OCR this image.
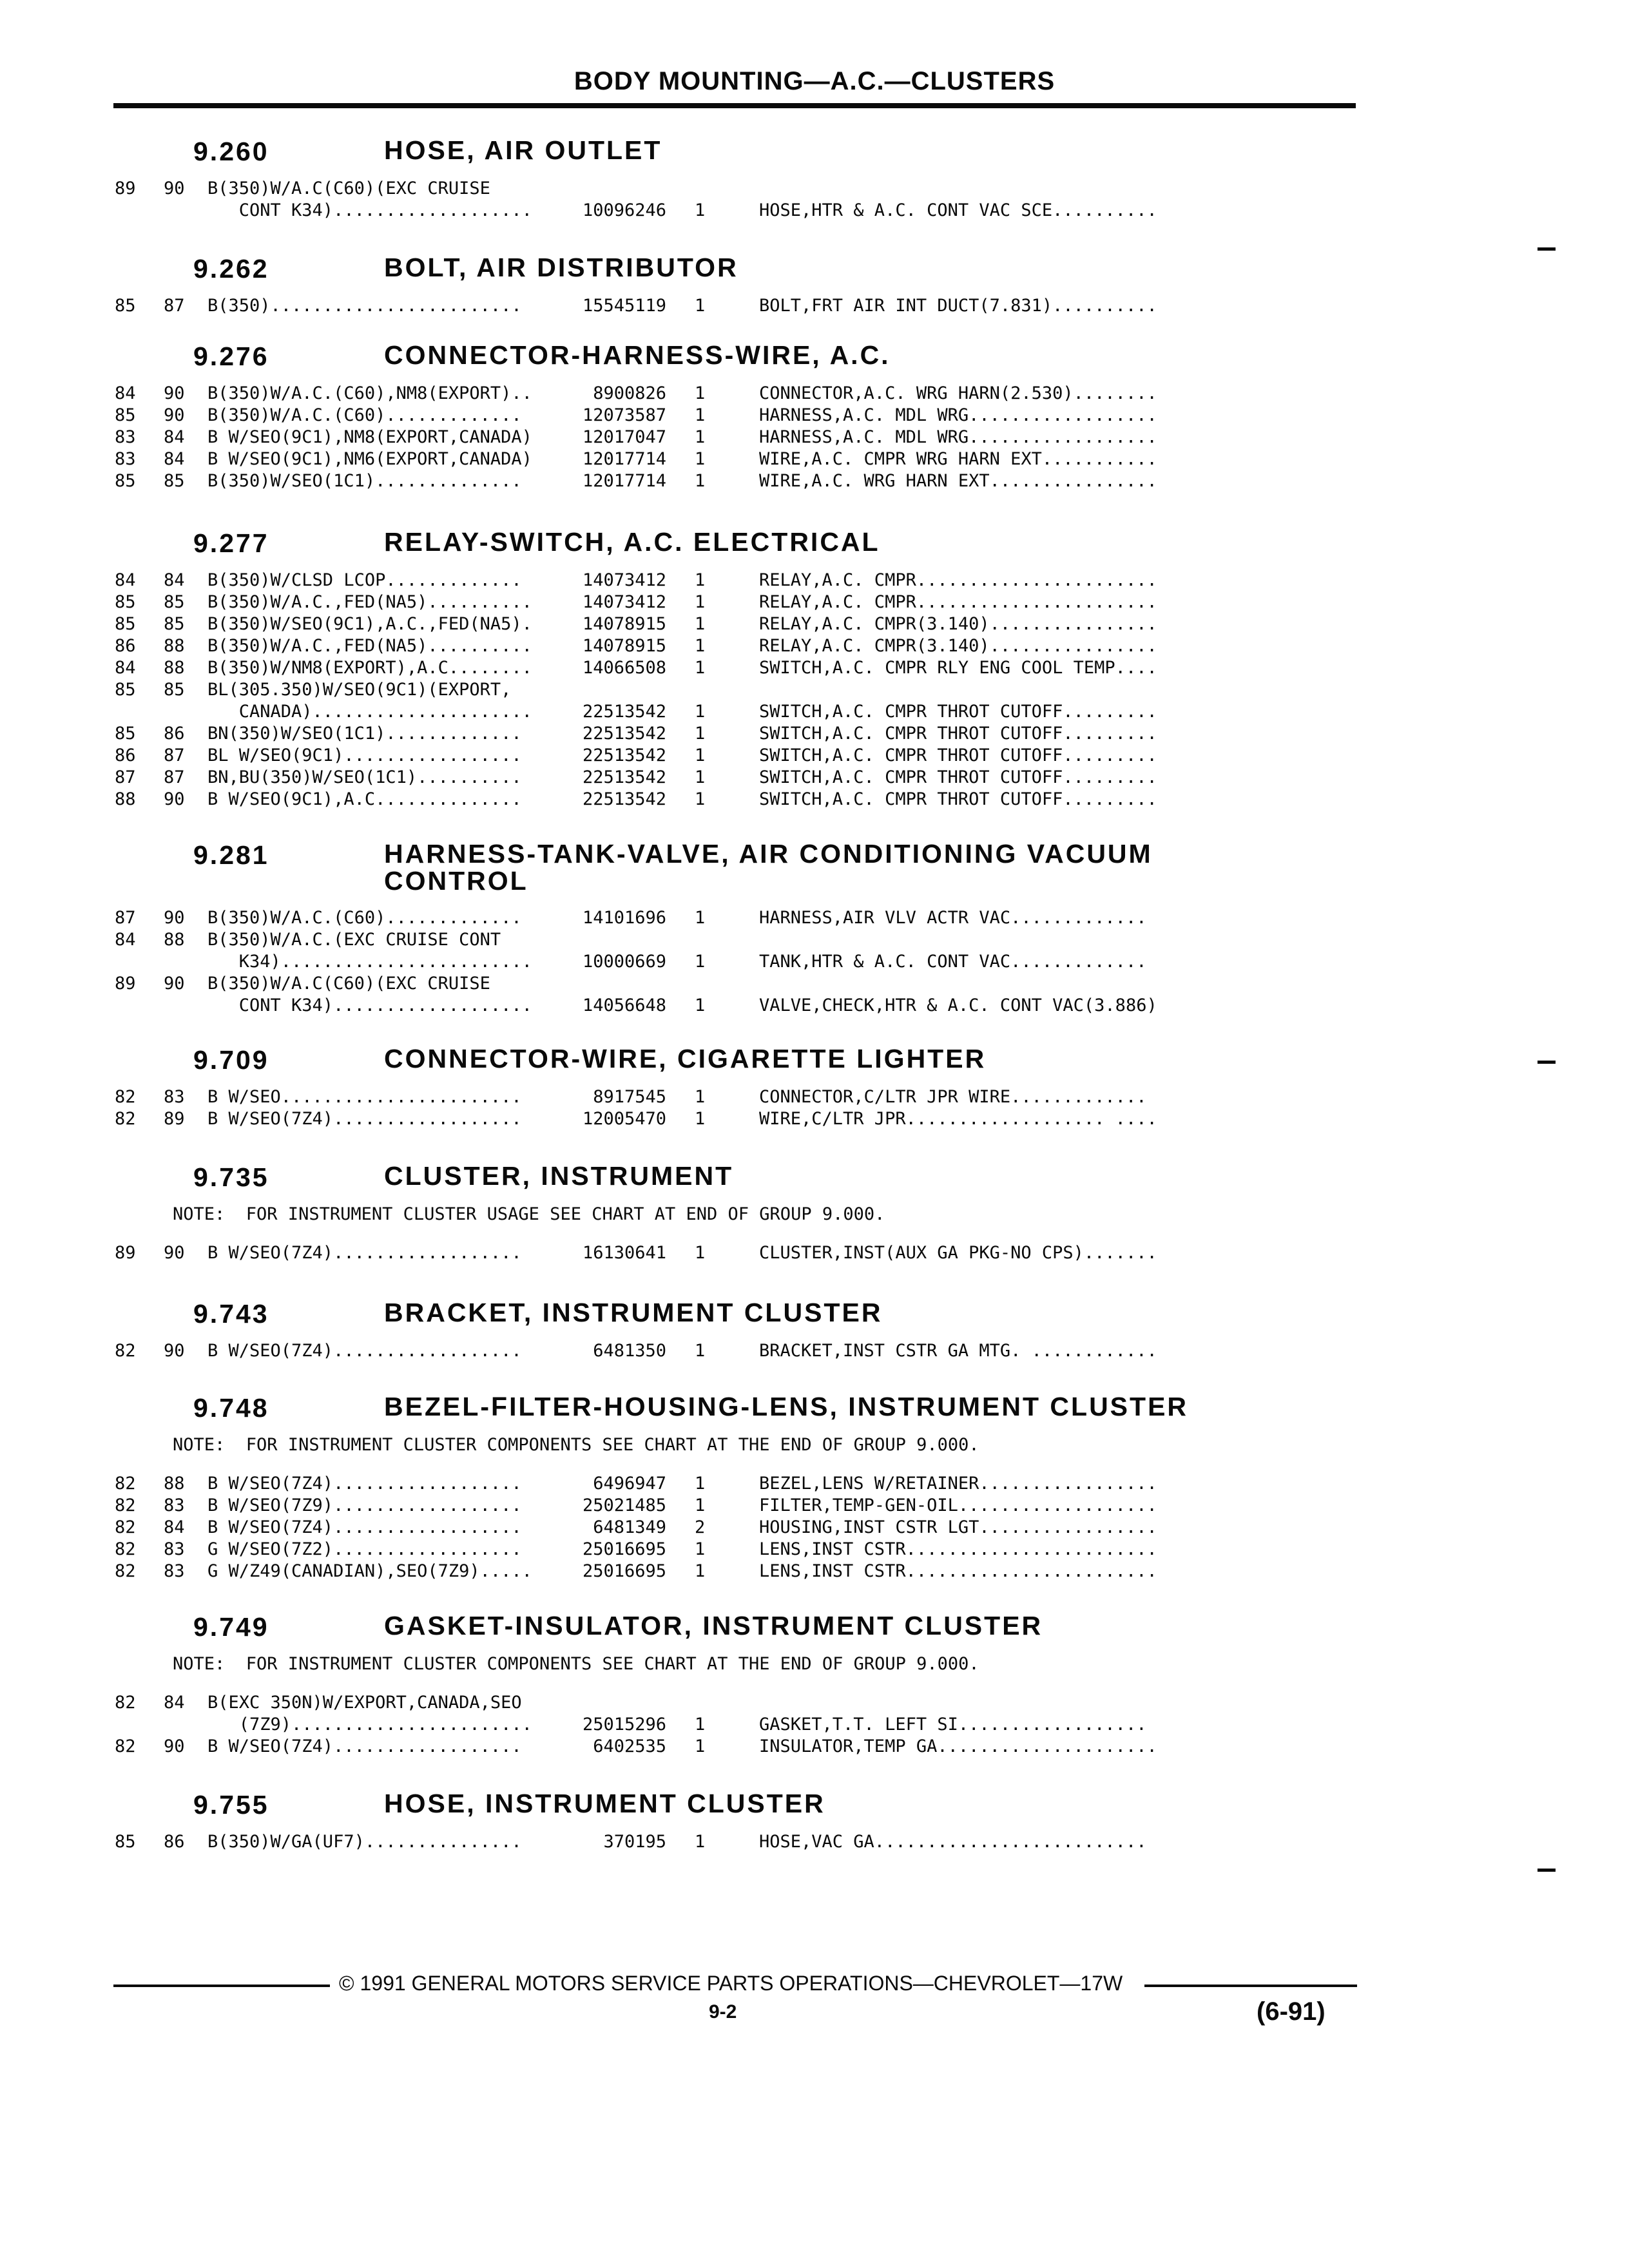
BODY MOUNTING—A.C.—CLUSTERS
9.260	HOSE, AIR OUTLET
89 90 B(350)W/A.C(C60)(EXC CRUISE
CONT K34)...................	10096246 1	HOSE,HTR & A.C. CONT VAC SCE..........
9.262	BOLT, AIR DISTRIBUTOR
85 87 B(350)........................	15545119 1	BOLT,FRT AIR INT DUCT(7.831)..........
9.276	CONNECTOR-HARNESS-WIRE, A.C.
84 90 B(350)W/A.C.(C60),NM8(EXPORT)..	8900826 1	CONNECTOR,A.C. WRG HARN(2.530)........
85 90 B(350)W/A.C.(C60).............	12073587 1	HARNESS,A.C. MDL WRG..................
83 84 B W/SEO(9C1),NM8(EXPORT,CANADA)	12017047 1	HARNESS,A.C. MDL WRG..................
83 84 B W/SEO(9C1),NM6(EXPORT,CANADA)	12017714 1	WIRE,A.C. CMPR WRG HARN EXT...........
85 85 B(350)W/SEO(1C1)..............	12017714 1	WIRE,A.C. WRG HARN EXT................
9.277	RELAY-SWITCH, A.C. ELECTRICAL
84 84 B(350)W/CLSD LCOP.............	14073412 1	RELAY,A.C. CMPR.......................
85 85 B(350)W/A.C.,FED(NA5)..........	14073412 1	RELAY,A.C. CMPR.......................
85 85 B(350)W/SEO(9C1),A.C.,FED(NA5).	14078915 1	RELAY,A.C. CMPR(3.140)................
86 88 B(350)W/A.C.,FED(NA5)..........	14078915 1	RELAY,A.C. CMPR(3.140)................
84 88 B(350)W/NM8(EXPORT),A.C........	14066508 1	SWITCH,A.C. CMPR RLY ENG COOL TEMP....
85 85 BL(305.350)W/SEO(9C1)(EXPORT,
CANADA).....................	22513542 1	SWITCH,A.C. CMPR THROT CUTOFF.........
85 86 BN(350)W/SEO(1C1).............	22513542 1	SWITCH,A.C. CMPR THROT CUTOFF.........
86 87 BL W/SEO(9C1).................	22513542 1	SWITCH,A.C. CMPR THROT CUTOFF.........
87 87 BN,BU(350)W/SEO(1C1)..........	22513542 1	SWITCH,A.C. CMPR THROT CUTOFF.........
88 90 B W/SEO(9C1),A.C..............	22513542 1	SWITCH,A.C. CMPR THROT CUTOFF.........
9.281	HARNESS-TANK-VALVE, AIR CONDITIONING VACUUM
CONTROL
87 90 B(350)W/A.C.(C60).............	14101696 1	HARNESS,AIR VLV ACTR VAC.............
84 88 B(350)W/A.C.(EXC CRUISE CONT
K34)........................	10000669 1	TANK,HTR & A.C. CONT VAC.............
89 90 B(350)W/A.C(C60)(EXC CRUISE
CONT K34)...................	14056648 1	VALVE,CHECK,HTR & A.C. CONT VAC(3.886)
9.709	CONNECTOR-WIRE, CIGARETTE LIGHTER
82 83 B W/SEO.......................	8917545 1	CONNECTOR,C/LTR JPR WIRE.............
82 89 B W/SEO(7Z4)..................	12005470 1	WIRE,C/LTR JPR................... ....
9.735	CLUSTER, INSTRUMENT
NOTE:  FOR INSTRUMENT CLUSTER USAGE SEE CHART AT END OF GROUP 9.000.
89 90 B W/SEO(7Z4)..................	16130641 1	CLUSTER,INST(AUX GA PKG-NO CPS).......
9.743	BRACKET, INSTRUMENT CLUSTER
82 90 B W/SEO(7Z4)..................	6481350 1	BRACKET,INST CSTR GA MTG. ............
9.748	BEZEL-FILTER-HOUSING-LENS, INSTRUMENT CLUSTER
NOTE:  FOR INSTRUMENT CLUSTER COMPONENTS SEE CHART AT THE END OF GROUP 9.000.
82 88 B W/SEO(7Z4)..................	6496947 1	BEZEL,LENS W/RETAINER.................
82 83 B W/SEO(7Z9)..................	25021485 1	FILTER,TEMP-GEN-OIL...................
82 84 B W/SEO(7Z4)..................	6481349 2	HOUSING,INST CSTR LGT.................
82 83 G W/SEO(7Z2)..................	25016695 1	LENS,INST CSTR........................
82 83 G W/Z49(CANADIAN),SEO(7Z9).....	25016695 1	LENS,INST CSTR........................
9.749	GASKET-INSULATOR, INSTRUMENT CLUSTER
NOTE:  FOR INSTRUMENT CLUSTER COMPONENTS SEE CHART AT THE END OF GROUP 9.000.
82 84 B(EXC 350N)W/EXPORT,CANADA,SEO
(7Z9).......................	25015296 1	GASKET,T.T. LEFT SI..................
82 90 B W/SEO(7Z4)..................	6402535 1	INSULATOR,TEMP GA.....................
9.755	HOSE, INSTRUMENT CLUSTER
85 86 B(350)W/GA(UF7)...............	370195 1	HOSE,VAC GA..........................
© 1991 GENERAL MOTORS SERVICE PARTS OPERATIONS—CHEVROLET—17W
9-2	(6-91)
